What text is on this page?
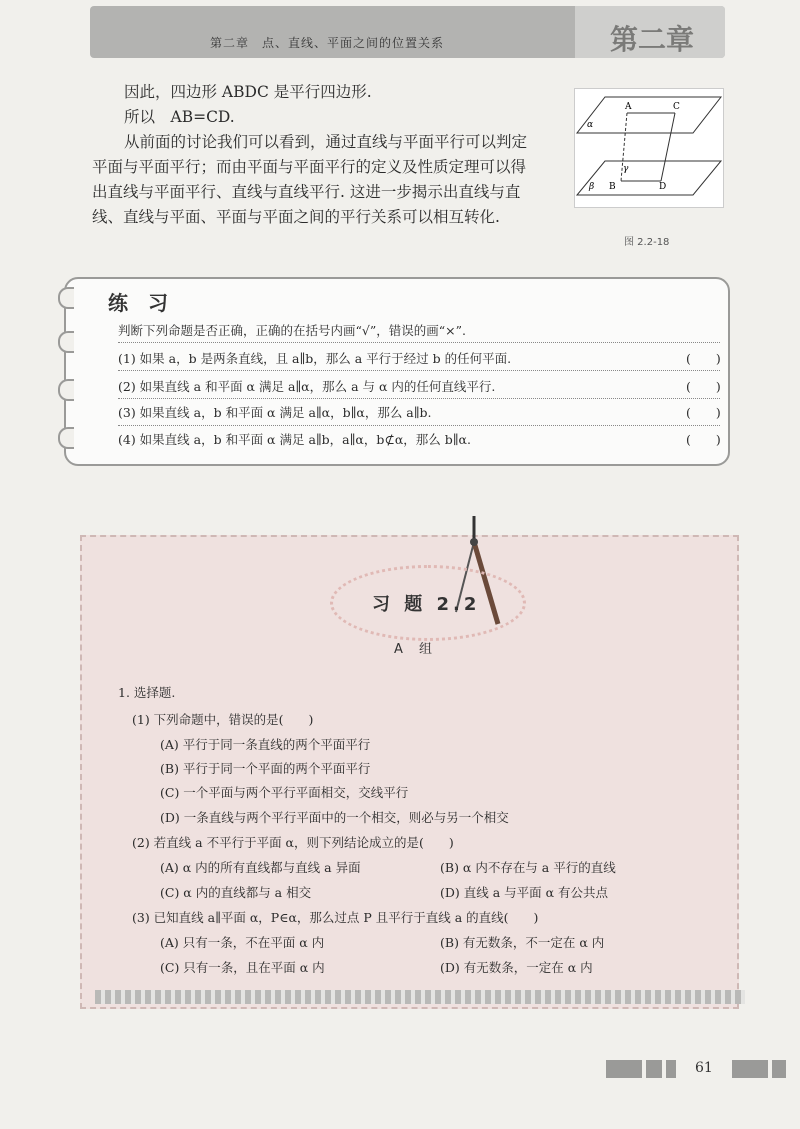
第二章　点、直线、平面之间的位置关系	第二章
因此，四边形 ABDC 是平行四边形.
所以　AB=CD.
从前面的讨论我们可以看到，通过直线与平面平行可以判定
平面与平面平行；而由平面与平面平行的定义及性质定理可以得
出直线与平面平行、直线与直线平行. 这进一步揭示出直线与直
线、直线与平面、平面与平面之间的平行关系可以相互转化.
A	C
α
γ
β B	D
图 2.2-18
练习
判断下列命题是否正确，正确的在括号内画“√”，错误的画“×”.
(1) 如果 a，b 是两条直线，且 a∥b，那么 a 平行于经过 b 的任何平面.	(　　)
(2) 如果直线 a 和平面 α 满足 a∥α，那么 a 与 α 内的任何直线平行.	(　　)
(3) 如果直线 a，b 和平面 α 满足 a∥α，b∥α，那么 a∥b.	(　　)
(4) 如果直线 a，b 和平面 α 满足 a∥b，a∥α，b⊄α，那么 b∥α.	(　　)
习 题 2.2
A 组
1. 选择题.
(1) 下列命题中，错误的是(　　)
(A) 平行于同一条直线的两个平面平行
(B) 平行于同一个平面的两个平面平行
(C) 一个平面与两个平行平面相交，交线平行
(D) 一条直线与两个平行平面中的一个相交，则必与另一个相交
(2) 若直线 a 不平行于平面 α，则下列结论成立的是(　　)
(A) α 内的所有直线都与直线 a 异面	(B) α 内不存在与 a 平行的直线
(C) α 内的直线都与 a 相交	(D) 直线 a 与平面 α 有公共点
(3) 已知直线 a∥平面 α，P∈α，那么过点 P 且平行于直线 a 的直线(　　)
(A) 只有一条，不在平面 α 内	(B) 有无数条，不一定在 α 内
(C) 只有一条，且在平面 α 内	(D) 有无数条，一定在 α 内
61
